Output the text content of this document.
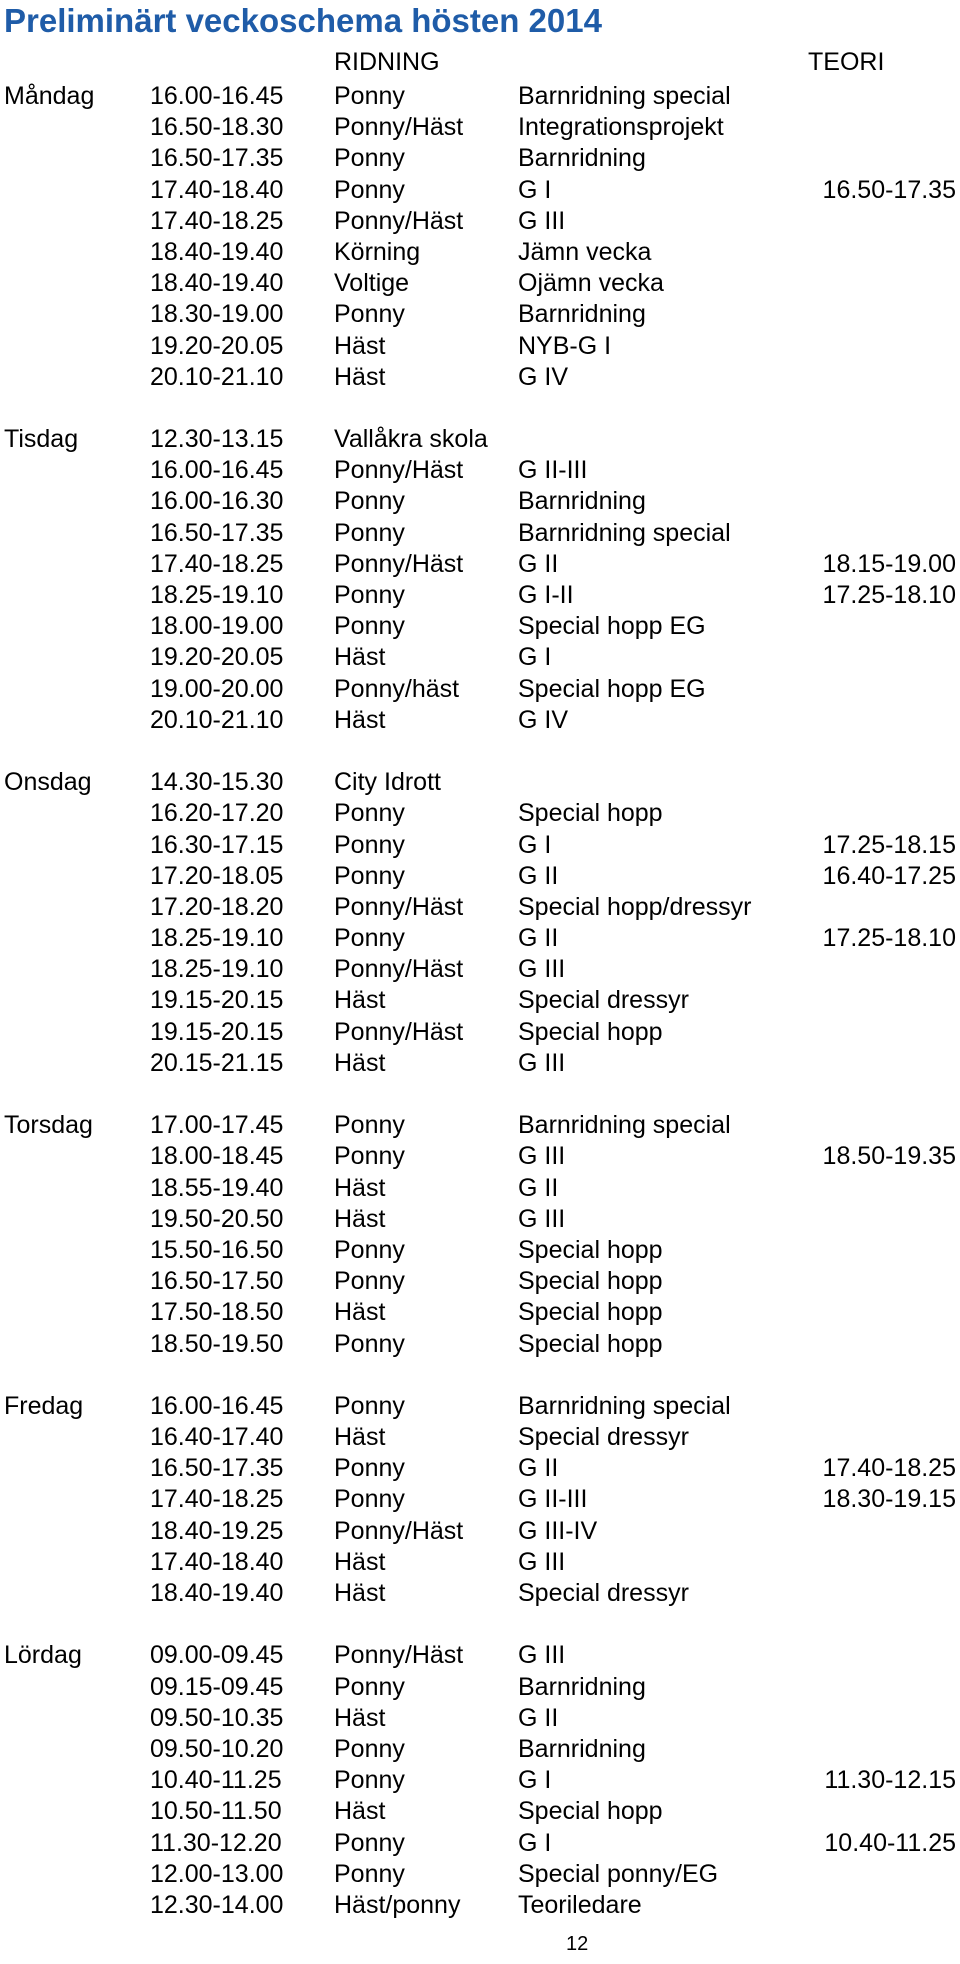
Preliminärt veckoschema hösten 2014
RIDNING	TEORI
Måndag 16.00-16.45 Ponny	Barnridning special
16.50-18.30 Ponny/Häst Integrationsprojekt
16.50-17.35 Ponny	Barnridning
17.40-18.40 Ponny	G I	16.50-17.35
17.40-18.25 Ponny/Häst G III
18.40-19.40 Körning	Jämn vecka
18.40-19.40 Voltige	Ojämn vecka
18.30-19.00 Ponny	Barnridning
19.20-20.05 Häst	NYB-G I
20.10-21.10 Häst	G IV
Tisdag	12.30-13.15 Vallåkra skola
16.00-16.45 Ponny/Häst G II-III
16.00-16.30 Ponny	Barnridning
16.50-17.35 Ponny	Barnridning special
17.40-18.25 Ponny/Häst G II	18.15-19.00
18.25-19.10 Ponny	G I-II	17.25-18.10
18.00-19.00 Ponny	Special hopp EG
19.20-20.05 Häst	G I
19.00-20.00 Ponny/häst Special hopp EG
20.10-21.10 Häst	G IV
Onsdag 14.30-15.30 City Idrott
16.20-17.20 Ponny	Special hopp
16.30-17.15 Ponny	G I	17.25-18.15
17.20-18.05 Ponny	G II	16.40-17.25
17.20-18.20 Ponny/Häst Special hopp/dressyr
18.25-19.10 Ponny	G II	17.25-18.10
18.25-19.10 Ponny/Häst G III
19.15-20.15 Häst	Special dressyr
19.15-20.15 Ponny/Häst Special hopp
20.15-21.15 Häst	G III
Torsdag 17.00-17.45 Ponny	Barnridning special
18.00-18.45 Ponny	G III	18.50-19.35
18.55-19.40 Häst	G II
19.50-20.50 Häst	G III
15.50-16.50 Ponny	Special hopp
16.50-17.50 Ponny	Special hopp
17.50-18.50 Häst	Special hopp
18.50-19.50 Ponny	Special hopp
Fredag	16.00-16.45 Ponny	Barnridning special
16.40-17.40 Häst	Special dressyr
16.50-17.35 Ponny	G II	17.40-18.25
17.40-18.25 Ponny	G II-III	18.30-19.15
18.40-19.25 Ponny/Häst G III-IV
17.40-18.40 Häst	G III
18.40-19.40 Häst	Special dressyr
Lördag	09.00-09.45 Ponny/Häst G III
09.15-09.45 Ponny	Barnridning
09.50-10.35 Häst	G II
09.50-10.20 Ponny	Barnridning
10.40-11.25 Ponny	G I	11.30-12.15
10.50-11.50 Häst	Special hopp
11.30-12.20 Ponny	G I	10.40-11.25
12.00-13.00 Ponny	Special ponny/EG
12.30-14.00 Häst/ponny Teoriledare
12
